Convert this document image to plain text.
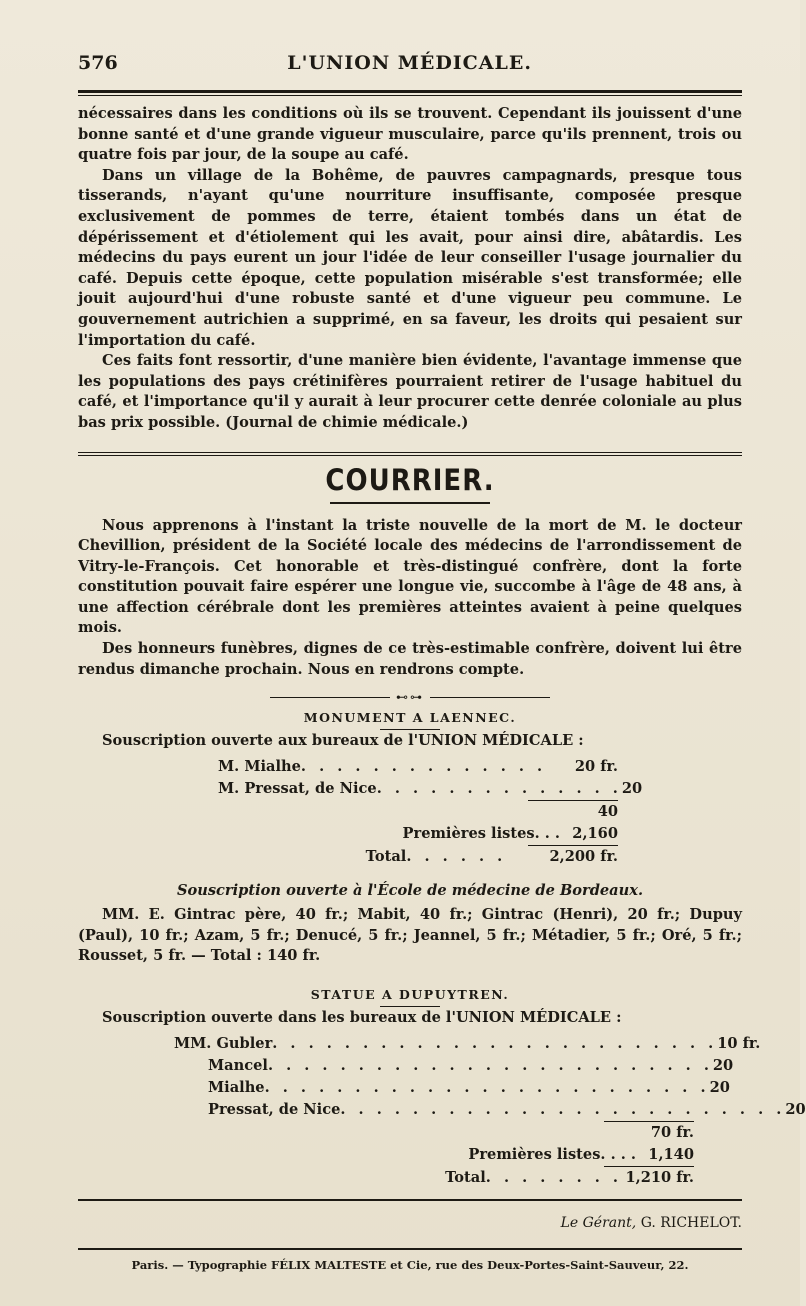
576	L'UNION MÉDICALE.

nécessaires dans les conditions où ils se trouvent. Cependant ils jouissent d'une bonne santé et d'une grande vigueur musculaire, parce qu'ils prennent, trois ou quatre fois par jour, de la soupe au café.

Dans un village de la Bohême, de pauvres campagnards, presque tous tisserands, n'ayant qu'une nourriture insuffisante, composée presque exclusivement de pommes de terre, étaient tombés dans un état de dépérissement et d'étiolement qui les avait, pour ainsi dire, abâtardis. Les médecins du pays eurent un jour l'idée de leur conseiller l'usage journalier du café. Depuis cette époque, cette population misérable s'est transformée; elle jouit aujourd'hui d'une robuste santé et d'une vigueur peu commune. Le gouvernement autrichien a supprimé, en sa faveur, les droits qui pesaient sur l'importation du café.

Ces faits font ressortir, d'une manière bien évidente, l'avantage immense que les populations des pays crétinifères pourraient retirer de l'usage habituel du café, et l'importance qu'il y aurait à leur procurer cette denrée coloniale au plus bas prix possible. (Journal de chimie médicale.)

COURRIER.

Nous apprenons à l'instant la triste nouvelle de la mort de M. le docteur Chevillion, président de la Société locale des médecins de l'arrondissement de Vitry-le-François. Cet honorable et très-distingué confrère, dont la forte constitution pouvait faire espérer une longue vie, succombe à l'âge de 48 ans, à une affection cérébrale dont les premières atteintes avaient à peine quelques mois.

Des honneurs funèbres, dignes de ce très-estimable confrère, doivent lui être rendus dimanche prochain. Nous en rendrons compte.

⊷⊶
MONUMENT A LAENNEC.
Souscription ouverte aux bureaux de l'UNION MÉDICALE :
M. Mialhe . . . . . . . . . . . . . .	20 fr.
M. Pressat, de Nice . . . . . . . . . . . . . . 20
40
Premières listes. . . 2,160
Total . . . . . .	2,200 fr.
Souscription ouverte à l'École de médecine de Bordeaux.

MM. E. Gintrac père, 40 fr.; Mabit, 40 fr.; Gintrac (Henri), 20 fr.; Dupuy (Paul), 10 fr.; Azam, 5 fr.; Denucé, 5 fr.; Jeannel, 5 fr.; Métadier, 5 fr.; Oré, 5 fr.; Rousset, 5 fr. — Total : 140 fr.

STATUE A DUPUYTREN.
Souscription ouverte dans les bureaux de l'UNION MÉDICALE :
MM. Gubler . . . . . . . . . . . . . . . . . . . . . . . . . 10 fr.
Mancel . . . . . . . . . . . . . . . . . . . . . . . . . 20
Mialhe . . . . . . . . . . . . . . . . . . . . . . . . . 20
Pressat, de Nice . . . . . . . . . . . . . . . . . . . . . . . . . 20
70 fr.
Premières listes. . . . 1,140
Total . . . . . . . . 1,210 fr.
Le Gérant, G. RICHELOT.
Paris. — Typographie FÉLIX MALTESTE et Cie, rue des Deux-Portes-Saint-Sauveur, 22.
